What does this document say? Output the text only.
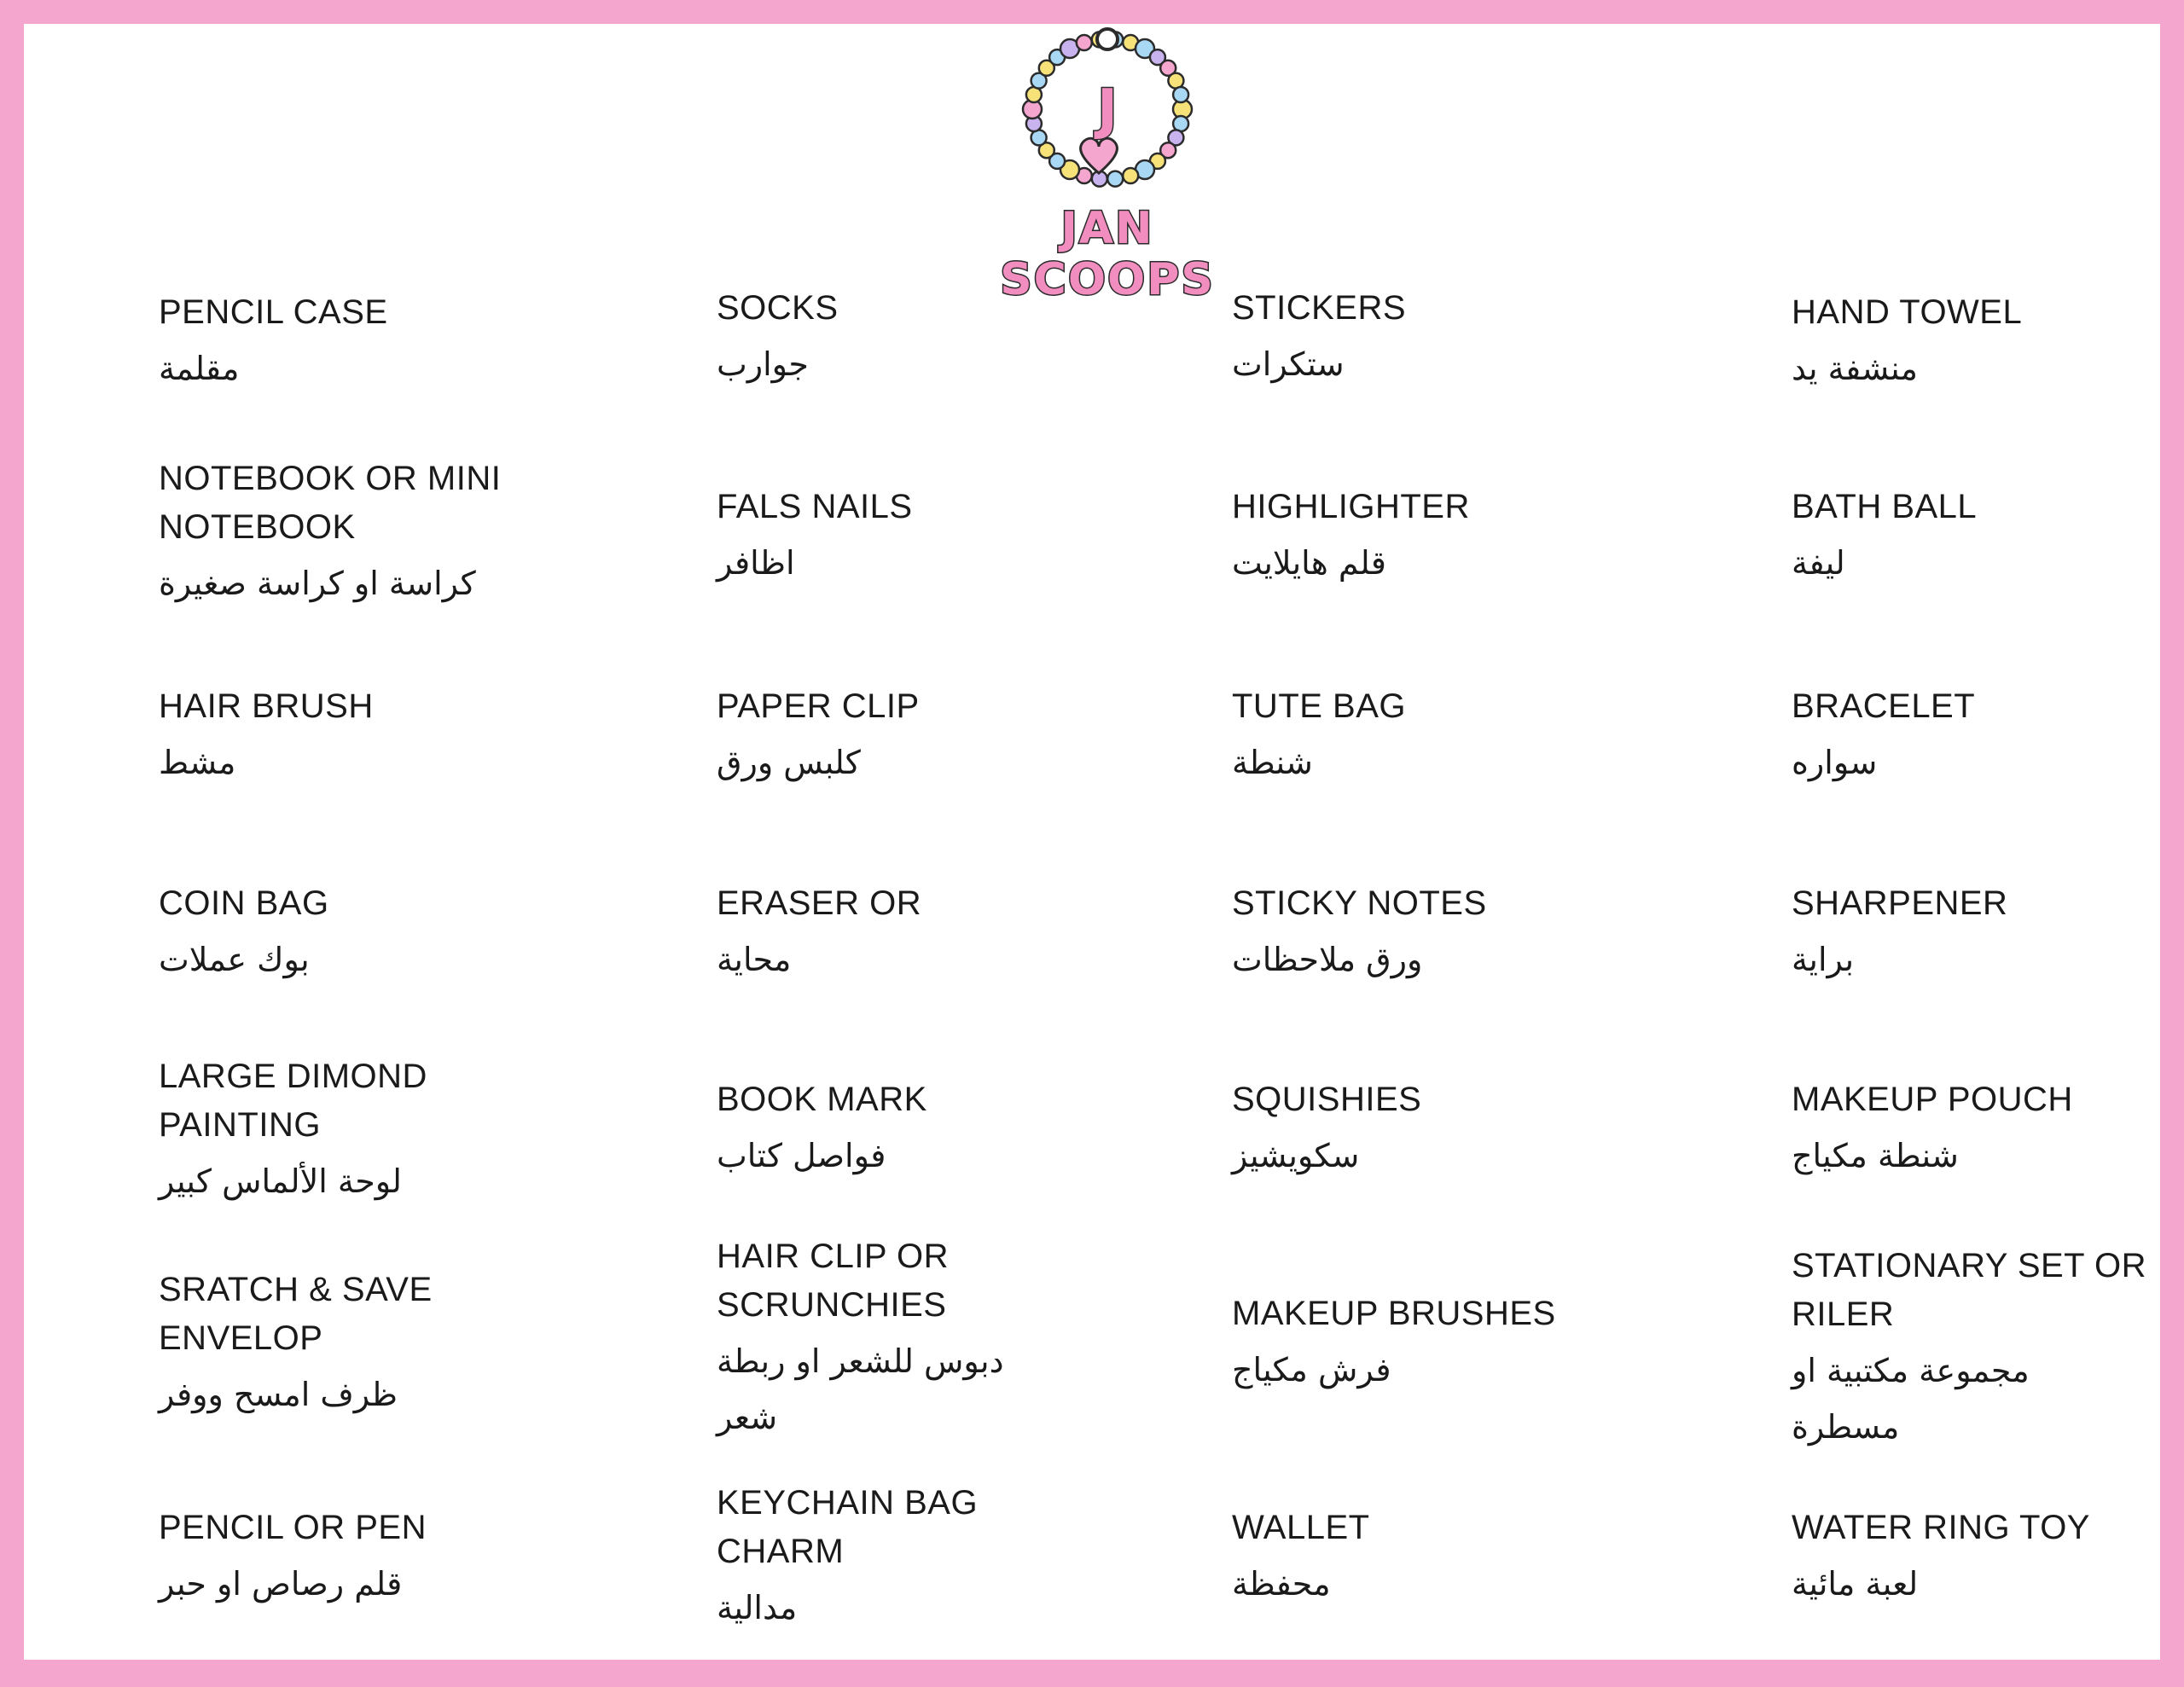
J
JAN SCOOPS
PENCIL CASE
مقلمة
NOTEBOOK OR MINI
NOTEBOOK
كراسة او كراسة صغيرة
HAIR BRUSH
مشط
COIN BAG
بوك عملات
LARGE DIMOND
PAINTING
لوحة الألماس كبير
SRATCH & SAVE
ENVELOP
ظرف امسح ووفر
PENCIL OR PEN
قلم رصاص او حبر
SOCKS
جوارب
FALS NAILS
اظافر
PAPER CLIP
كلبس ورق
ERASER OR
محاية
BOOK MARK
فواصل كتاب
HAIR CLIP OR
SCRUNCHIES
دبوس للشعر او ربطة
شعر
KEYCHAIN BAG
CHARM
مدالية
STICKERS
ستكرات
HIGHLIGHTER
قلم هايلايت
TUTE BAG
شنطة
STICKY NOTES
ورق ملاحظات
SQUISHIES
سكويشيز
MAKEUP BRUSHES
فرش مكياج
WALLET
محفظة
HAND TOWEL
منشفة يد
BATH BALL
ليفة
BRACELET
سواره
SHARPENER
براية
MAKEUP POUCH
شنطة مكياج
STATIONARY SET OR
RILER
مجموعة مكتبية او
مسطرة
WATER RING TOY
لعبة مائية
